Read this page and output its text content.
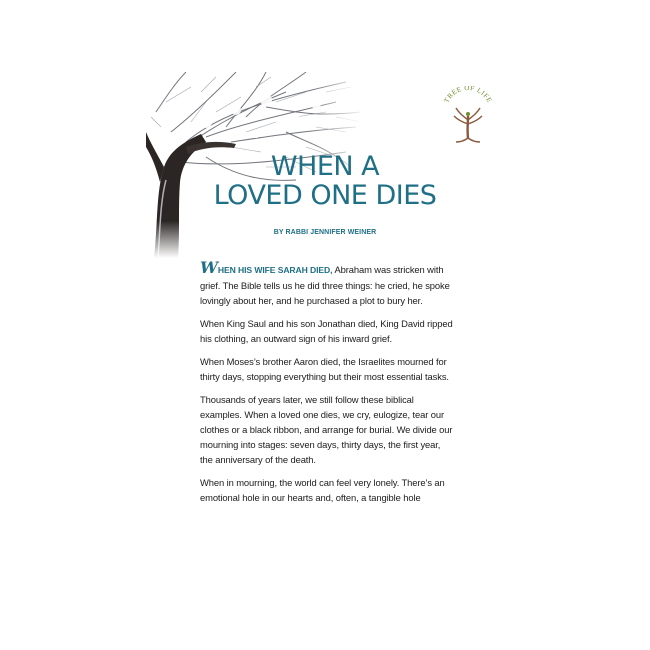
TREE OF LIFE
WHEN A
LOVED ONE DIES
BY RABBI JENNIFER WEINER

WHEN HIS WIFE SARAH DIED, Abraham was stricken with grief. The Bible tells us he did three things: he cried, he spoke lovingly about her, and he purchased a plot to bury her.

When King Saul and his son Jonathan died, King David ripped his clothing, an outward sign of his inward grief.

When Moses’s brother Aaron died, the Israelites mourned for thirty days, stopping everything but their most essential tasks.

Thousands of years later, we still follow these biblical examples. When a loved one dies, we cry, eulogize, tear our clothes or a black ribbon, and arrange for burial. We divide our mourning into stages: seven days, thirty days, the first year, the anniversary of the death.

When in mourning, the world can feel very lonely. There’s an emotional hole in our hearts and, often, a tangible hole
